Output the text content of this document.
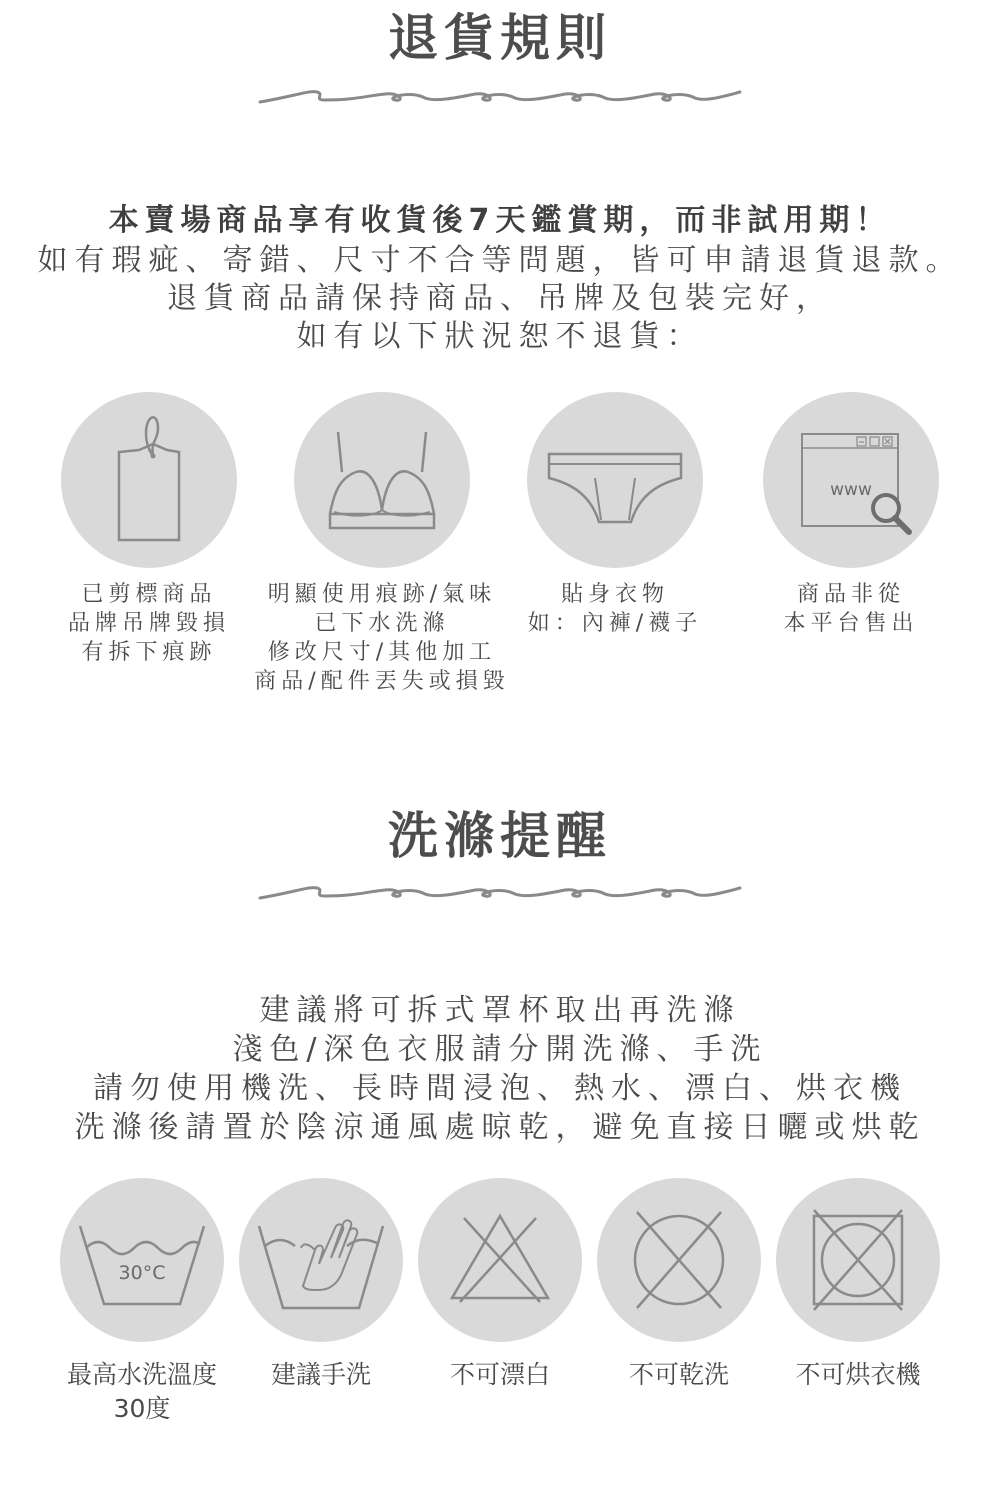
退貨規則
本賣場商品享有收貨後7天鑑賞期，而非試用期！
如有瑕疵、寄錯、尺寸不合等問題，皆可申請退貨退款。
退貨商品請保持商品、吊牌及包裝完好，
如有以下狀況恕不退貨：
www
已剪標商品
品牌吊牌毀損
有拆下痕跡
明顯使用痕跡/氣味
已下水洗滌
修改尺寸/其他加工
商品/配件丟失或損毀
貼身衣物
如：內褲/襪子
商品非從
本平台售出
洗滌提醒
建議將可拆式罩杯取出再洗滌
淺色/深色衣服請分開洗滌、手洗
請勿使用機洗、長時間浸泡、熱水、漂白、烘衣機
洗滌後請置於陰涼通風處晾乾，避免直接日曬或烘乾
30°C
最高水洗溫度
30度
建議手洗	不可漂白	不可乾洗	不可烘衣機
